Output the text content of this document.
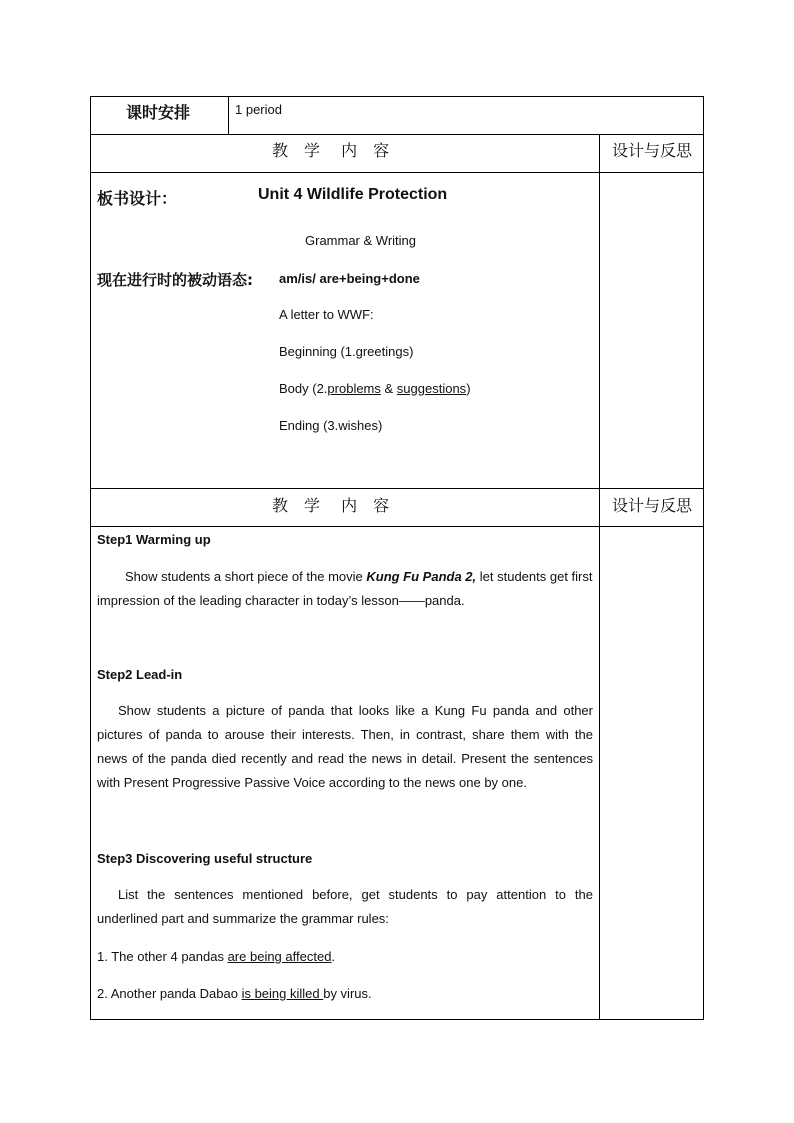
课时安排	1 period
教　学　 内　容	设计与反思
板书设计：	Unit 4 Wildlife Protection
Grammar & Writing
现在进行时的被动语态: am/is/ are+being+done
A letter to WWF:
Beginning (1.greetings)
Body (2.problems & suggestions)
Ending (3.wishes)
教　学　 内　容	设计与反思
Step1 Warming up
Show students a short piece of the movie Kung Fu Panda 2, let students get first
impression of the leading character in today’s lesson——panda.
Step2 Lead-in
Show students a picture of panda that looks like a Kung Fu panda and other pictures of panda to arouse their interests. Then, in contrast, share them with the news of the panda died recently and read the news in detail. Present the sentences with Present Progressive Passive Voice according to the news one by one.
Step3 Discovering useful structure
List the sentences mentioned before, get students to pay attention to the underlined part and summarize the grammar rules:
1. The other 4 pandas are being affected.
2. Another panda Dabao is being killed by virus.
